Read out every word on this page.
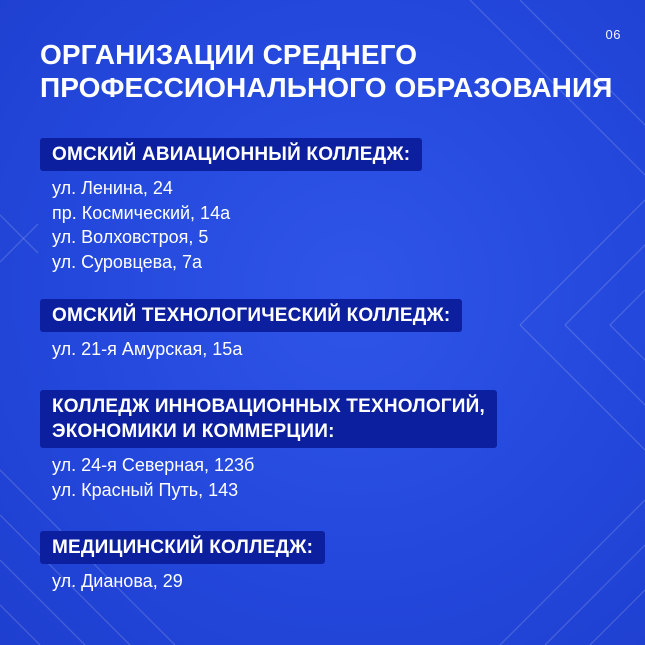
06
ОРГАНИЗАЦИИ СРЕДНЕГО
ПРОФЕССИОНАЛЬНОГО ОБРАЗОВАНИЯ
ОМСКИЙ АВИАЦИОННЫЙ КОЛЛЕДЖ:
ул. Ленина, 24
пр. Космический, 14а
ул. Волховстроя, 5
ул. Суровцева, 7а
ОМСКИЙ ТЕХНОЛОГИЧЕСКИЙ КОЛЛЕДЖ:
ул. 21-я Амурская, 15а
КОЛЛЕДЖ ИННОВАЦИОННЫХ ТЕХНОЛОГИЙ,
ЭКОНОМИКИ И КОММЕРЦИИ:
ул. 24-я Северная, 123б
ул. Красный Путь, 143
МЕДИЦИНСКИЙ КОЛЛЕДЖ:
ул. Дианова, 29
